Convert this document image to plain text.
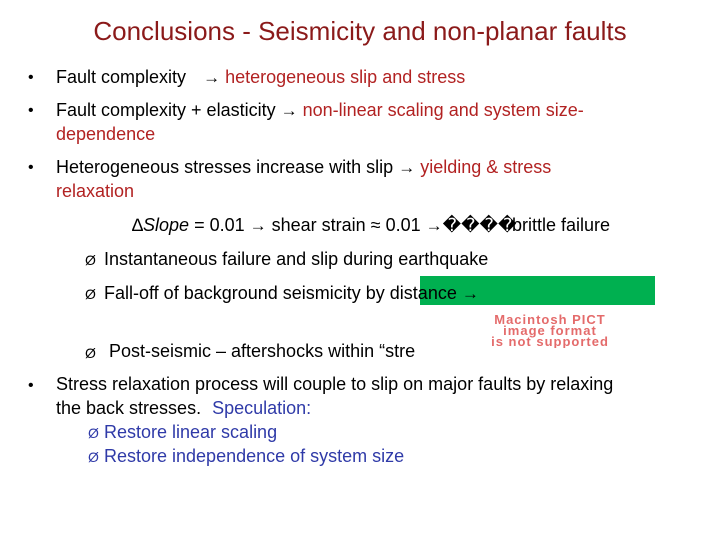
Conclusions - Seismicity and non-planar faults
• Fault complexity → heterogeneous slip and stress
• Fault complexity + elasticity → non-linear scaling and system size-
dependence
• Heterogeneous stresses increase with slip → yielding & stress
relaxation
∆Slope = 0.01 → shear strain ≈ 0.01 →����
brittle failure
Ø Instantaneous failure and slip during earthquake
Ø Fall-off of background seismicity by distance →
Ø Post-seismic – aftershocks within “stre
Macintosh PICT
image format
is not supported
• Stress relaxation process will couple to slip on major faults by relaxing
the back stresses. Speculation:
Ø Restore linear scaling
Ø Restore independence of system size
